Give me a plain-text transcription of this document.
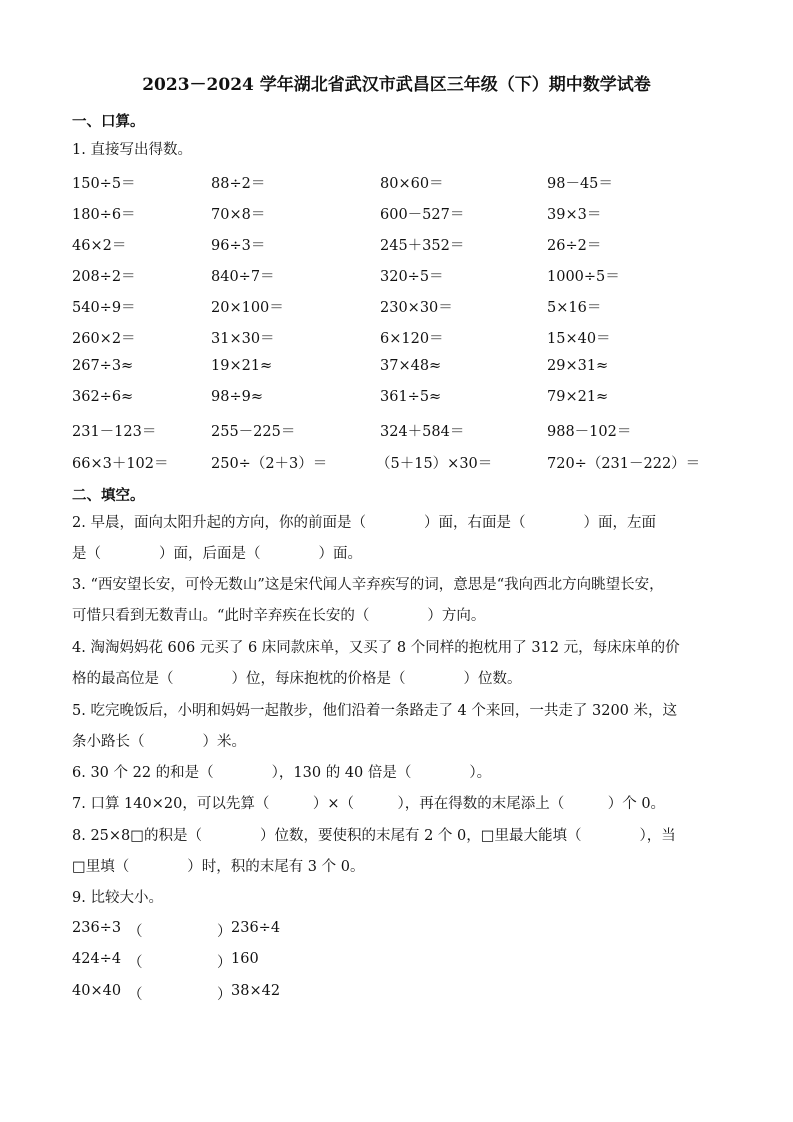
2023－2024 学年湖北省武汉市武昌区三年级（下）期中数学试卷
一、口算。
1. 直接写出得数。
150÷5＝	88÷2＝	80×60＝	98－45＝
180÷6＝	70×8＝	600－527＝	39×3＝
46×2＝	96÷3＝	245＋352＝	26÷2＝
208÷2＝	840÷7＝	320÷5＝	1000÷5＝
540÷9＝	20×100＝	230×30＝	5×16＝
260×2＝	31×30＝	6×120＝	15×40＝
267÷3≈	19×21≈	37×48≈	29×31≈
362÷6≈	98÷9≈	361÷5≈	79×21≈
231－123＝	255－225＝	324＋584＝	988－102＝
66×3＋102＝	250÷（2＋3）＝	（5＋15）×30＝	720÷（231－222）＝
二、填空。
2. 早晨，面向太阳升起的方向，你的前面是（　　　　）面，右面是（　　　　）面，左面
是（　　　　）面，后面是（　　　　）面。
3. “西安望长安，可怜无数山”这是宋代闻人辛弃疾写的词，意思是“我向西北方向眺望长安，
可惜只看到无数青山。“此时辛弃疾在长安的（　　　　）方向。
4. 淘淘妈妈花 606 元买了 6 床同款床单，又买了 8 个同样的抱枕用了 312 元，每床床单的价
格的最高位是（　　　　）位，每床抱枕的价格是（　　　　）位数。
5. 吃完晚饭后，小明和妈妈一起散步，他们沿着一条路走了 4 个来回，一共走了 3200 米，这
条小路长（　　　　）米。
6. 30 个 22 的和是（　　　　），130 的 40 倍是（　　　　）。
7. 口算 140×20，可以先算（　　　）×（　　　），再在得数的末尾添上（　　　）个 0。
8. 25×8□的积是（　　　　）位数，要使积的末尾有 2 个 0，□里最大能填（　　　　），当
□里填（　　　　）时，积的末尾有 3 个 0。
9. 比较大小。
236÷3 （	） 236÷4
424÷4 （	） 160
40×40 （	） 38×42
